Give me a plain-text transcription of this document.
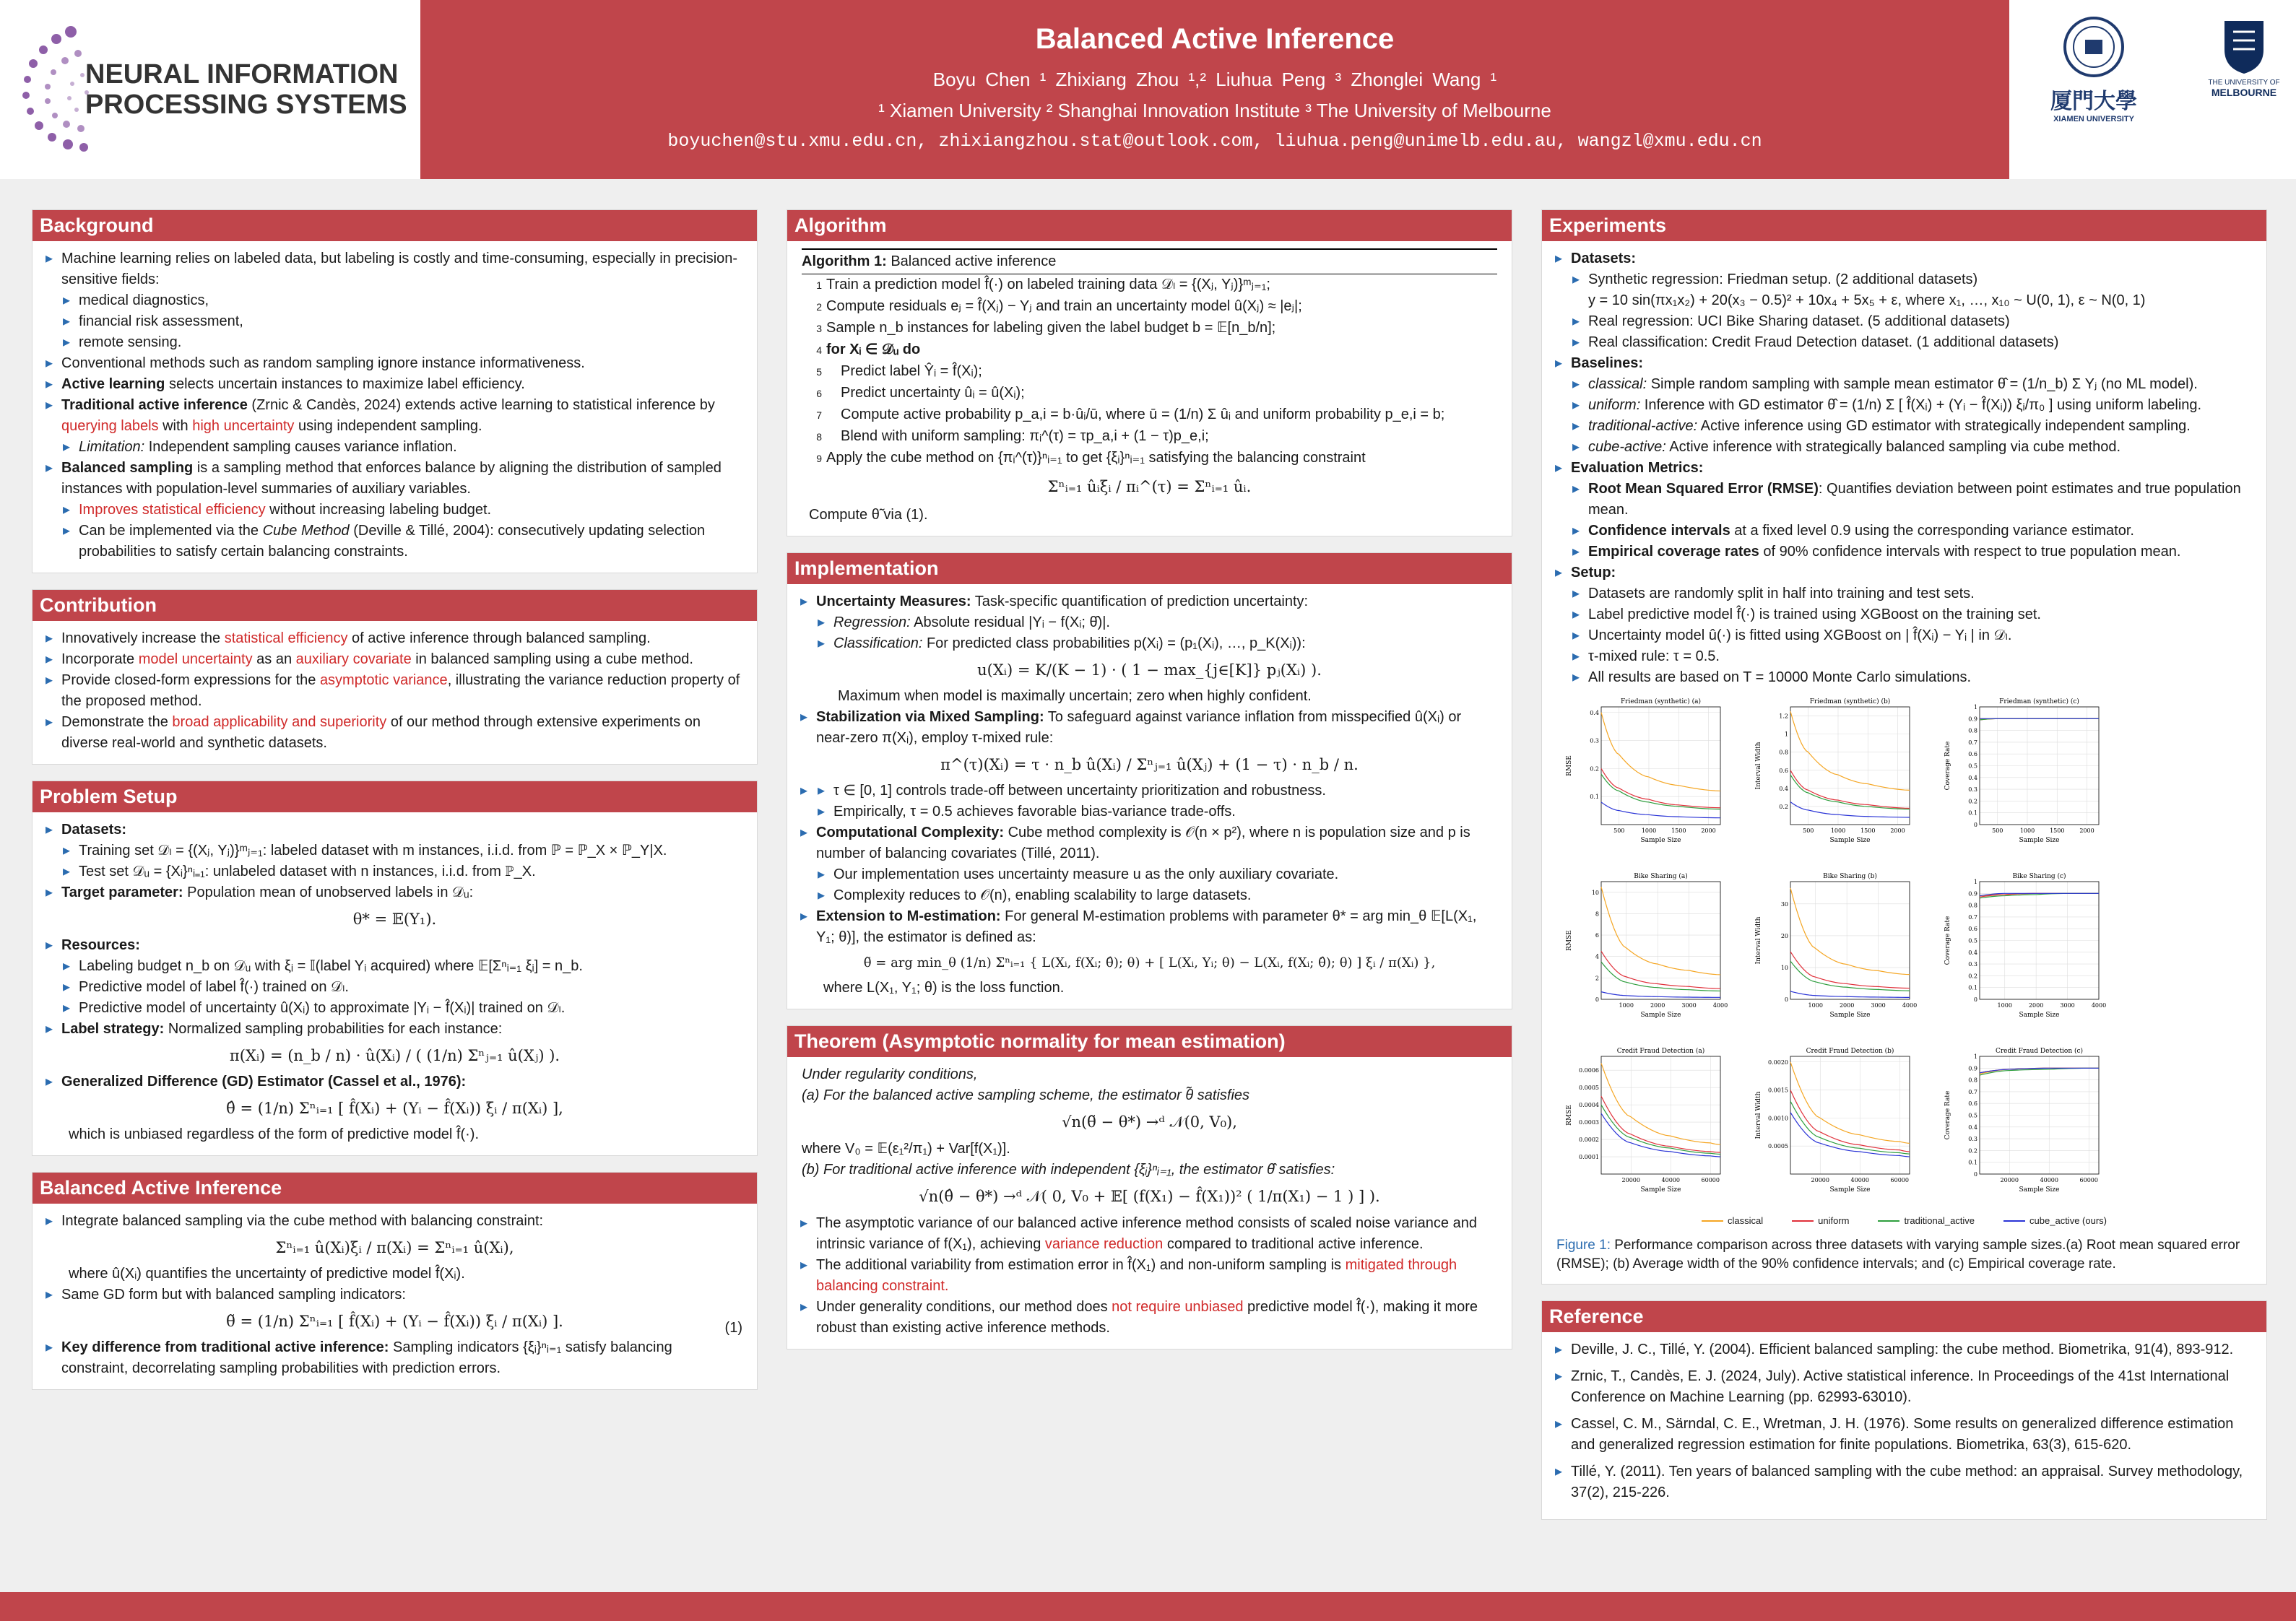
NEURAL INFORMATION
PROCESSING SYSTEMS
Balanced Active Inference
Boyu Chen ¹ Zhixiang Zhou ¹,² Liuhua Peng ³ Zhonglei Wang ¹
¹ Xiamen University ² Shanghai Innovation Institute ³ The University of Melbourne
boyuchen@stu.xmu.edu.cn, zhixiangzhou.stat@outlook.com, liuhua.peng@unimelb.edu.au, wangzl@xmu.edu.cn
厦門大學
XIAMEN UNIVERSITY
THE UNIVERSITY OF
MELBOURNE
Background
▸ Machine learning relies on labeled data, but labeling is costly and time-consuming, especially in precision-sensitive fields:
▸ medical diagnostics,
▸ financial risk assessment,
▸ remote sensing.
▸ Conventional methods such as random sampling ignore instance informativeness.
▸ Active learning selects uncertain instances to maximize label efficiency.
▸ Traditional active inference (Zrnic & Candès, 2024) extends active learning to statistical inference by querying labels with high uncertainty using independent sampling.
▸ Limitation: Independent sampling causes variance inflation.
▸ Balanced sampling is a sampling method that enforces balance by aligning the distribution of sampled instances with population-level summaries of auxiliary variables.
▸ Improves statistical efficiency without increasing labeling budget.
▸ Can be implemented via the Cube Method (Deville & Tillé, 2004): consecutively updating selection probabilities to satisfy certain balancing constraints.
Contribution
▸ Innovatively increase the statistical efficiency of active inference through balanced sampling.
▸ Incorporate model uncertainty as an auxiliary covariate in balanced sampling using a cube method.
▸ Provide closed-form expressions for the asymptotic variance, illustrating the variance reduction property of the proposed method.
▸ Demonstrate the broad applicability and superiority of our method through extensive experiments on diverse real-world and synthetic datasets.
Problem Setup
▸ Datasets:
▸ Training set 𝒟ₗ = {(Xⱼ, Yⱼ)}ᵐⱼ₌₁: labeled dataset with m instances, i.i.d. from ℙ = ℙ_X × ℙ_Y|X.
▸ Test set 𝒟ᵤ = {Xᵢ}ⁿᵢ₌₁: unlabeled dataset with n instances, i.i.d. from ℙ_X.
▸ Target parameter: Population mean of unobserved labels in 𝒟ᵤ:
θ* = 𝔼(Y₁).
▸ Resources:
▸ Labeling budget n_b on 𝒟ᵤ with ξᵢ = 𝕀(label Yᵢ acquired) where 𝔼[Σⁿᵢ₌₁ ξᵢ] = n_b.
▸ Predictive model of label f̂(·) trained on 𝒟ₗ.
▸ Predictive model of uncertainty û(Xᵢ) to approximate |Yᵢ − f̂(Xᵢ)| trained on 𝒟ₗ.
▸ Label strategy: Normalized sampling probabilities for each instance:
π(Xᵢ) = (n_b / n) · û(Xᵢ) / ( (1/n) Σⁿⱼ₌₁ û(Xⱼ) ).
▸ Generalized Difference (GD) Estimator (Cassel et al., 1976):
θ̂ = (1/n) Σⁿᵢ₌₁ [ f̂(Xᵢ) + (Yᵢ − f̂(Xᵢ)) ξᵢ / π(Xᵢ) ],
which is unbiased regardless of the form of predictive model f̂(·).
Balanced Active Inference
▸ Integrate balanced sampling via the cube method with balancing constraint:
Σⁿᵢ₌₁ û(Xᵢ)ξᵢ / π(Xᵢ) = Σⁿᵢ₌₁ û(Xᵢ),
where û(Xᵢ) quantifies the uncertainty of predictive model f̂(Xᵢ).
▸ Same GD form but with balanced sampling indicators:
θ̃ = (1/n) Σⁿᵢ₌₁ [ f̂(Xᵢ) + (Yᵢ − f̂(Xᵢ)) ξᵢ / π(Xᵢ) ].	(1)
▸ Key difference from traditional active inference: Sampling indicators {ξᵢ}ⁿᵢ₌₁ satisfy balancing constraint, decorrelating sampling probabilities with prediction errors.
Algorithm
Algorithm 1: Balanced active inference
1 Train a prediction model f̂(·) on labeled training data 𝒟ₗ = {(Xⱼ, Yⱼ)}ᵐⱼ₌₁;
2 Compute residuals eⱼ = f̂(Xⱼ) − Yⱼ and train an uncertainty model û(Xⱼ) ≈ |eⱼ|;
3 Sample n_b instances for labeling given the label budget b = 𝔼[n_b/n];
4 for Xᵢ ∈ 𝒟ᵤ do
5 Predict label Ŷᵢ = f̂(Xᵢ);
6 Predict uncertainty ûᵢ = û(Xᵢ);
7 Compute active probability p_a,i = b·ûᵢ/ū, where ū = (1/n) Σ ûᵢ and uniform probability p_e,i = b;
8 Blend with uniform sampling: πᵢ^(τ) = τp_a,i + (1 − τ)p_e,i;
9 Apply the cube method on {πᵢ^(τ)}ⁿᵢ₌₁ to get {ξᵢ}ⁿᵢ₌₁ satisfying the balancing constraint
Σⁿᵢ₌₁ ûᵢξᵢ / πᵢ^(τ) = Σⁿᵢ₌₁ ûᵢ.
Compute θ̃ via (1).
Implementation
▸ Uncertainty Measures: Task-specific quantification of prediction uncertainty:
▸ Regression: Absolute residual |Yᵢ − f(Xᵢ; θ̂)|.
▸ Classification: For predicted class probabilities p(Xᵢ) = (p₁(Xᵢ), …, p_K(Xᵢ)):
u(Xᵢ) = K/(K − 1) · ( 1 − max_{j∈[K]} pⱼ(Xᵢ) ).
Maximum when model is maximally uncertain; zero when highly confident.
▸ Stabilization via Mixed Sampling: To safeguard against variance inflation from misspecified û(Xᵢ) or near-zero π(Xᵢ), employ τ-mixed rule:
π^(τ)(Xᵢ) = τ · n_b û(Xᵢ) / Σⁿⱼ₌₁ û(Xⱼ) + (1 − τ) · n_b / n.
▸ ▸ τ ∈ [0, 1] controls trade-off between uncertainty prioritization and robustness.
▸ Empirically, τ = 0.5 achieves favorable bias-variance trade-offs.
▸ Computational Complexity: Cube method complexity is 𝒪(n × p²), where n is population size and p is number of balancing covariates (Tillé, 2011).
▸ Our implementation uses uncertainty measure u as the only auxiliary covariate.
▸ Complexity reduces to 𝒪(n), enabling scalability to large datasets.
▸ Extension to M-estimation: For general M-estimation problems with parameter θ* = arg min_θ 𝔼[L(X₁, Y₁; θ)], the estimator is defined as:
θ̃ = arg min_θ (1/n) Σⁿᵢ₌₁ { L(Xᵢ, f(Xᵢ; θ̂); θ) + [ L(Xᵢ, Yᵢ; θ) − L(Xᵢ, f(Xᵢ; θ̂); θ) ] ξᵢ / π(Xᵢ) },
where L(X₁, Y₁; θ) is the loss function.
Theorem (Asymptotic normality for mean estimation)
Under regularity conditions,
(a) For the balanced active sampling scheme, the estimator θ̃ satisfies
√n(θ̃ − θ*) →ᵈ 𝒩(0, V₀),
where V₀ = 𝔼(ε₁²/π₁) + Var[f(X₁)].
(b) For traditional active inference with independent {ξᵢ}ⁿᵢ₌₁, the estimator θ̂ satisfies:
√n(θ̂ − θ*) →ᵈ 𝒩( 0, V₀ + 𝔼[ (f(X₁) − f̂(X₁))² ( 1/π(X₁) − 1 ) ] ).
▸ The asymptotic variance of our balanced active inference method consists of scaled noise variance and intrinsic variance of f(X₁), achieving variance reduction compared to traditional active inference.
▸ The additional variability from estimation error in f̂(X₁) and non-uniform sampling is mitigated through balancing constraint.
▸ Under generality conditions, our method does not require unbiased predictive model f̂(·), making it more robust than existing active inference methods.
Experiments
▸ Datasets:
▸ Synthetic regression: Friedman setup. (2 additional datasets)
y = 10 sin(πx₁x₂) + 20(x₃ − 0.5)² + 10x₄ + 5x₅ + ε, where x₁, …, x₁₀ ~ U(0, 1), ε ~ N(0, 1)
▸ Real regression: UCI Bike Sharing dataset. (5 additional datasets)
▸ Real classification: Credit Fraud Detection dataset. (1 additional datasets)
▸ Baselines:
▸ classical: Simple random sampling with sample mean estimator θ̂ = (1/n_b) Σ Yⱼ (no ML model).
▸ uniform: Inference with GD estimator θ̂ = (1/n) Σ [ f̂(Xᵢ) + (Yᵢ − f̂(Xᵢ)) ξᵢ/π₀ ] using uniform labeling.
▸ traditional-active: Active inference using GD estimator with strategically independent sampling.
▸ cube-active: Active inference with strategically balanced sampling via cube method.
▸ Evaluation Metrics:
▸ Root Mean Squared Error (RMSE): Quantifies deviation between point estimates and true population mean.
▸ Confidence intervals at a fixed level 0.9 using the corresponding variance estimator.
▸ Empirical coverage rates of 90% confidence intervals with respect to true population mean.
▸ Setup:
▸ Datasets are randomly split in half into training and test sets.
▸ Label predictive model f̂(·) is trained using XGBoost on the training set.
▸ Uncertainty model û(·) is fitted using XGBoost on | f̂(Xᵢ) − Yᵢ | in 𝒟ₗ.
▸ τ-mixed rule: τ = 0.5.
▸ All results are based on T = 10000 Monte Carlo simulations.
Friedman (synthetic) (a)
0.1
0.2
0.3
0.4
500	1000	1500	2000
Sample Size
RMSE
Friedman (synthetic) (b)
0.2
0.4
0.6
0.8
1
1.2
500	1000	1500	2000
Sample Size
Interval Width
Friedman (synthetic) (c)
0
0.1
0.2
0.3
0.4
0.5
0.6
0.7
0.8
0.9
1
500	1000	1500	2000
Sample Size
Coverage Rate
Bike Sharing (a)
0
2
4
6
8
10
1000	2000	3000	4000
Sample Size
RMSE
Bike Sharing (b)
0
10
20
30
1000	2000	3000	4000
Sample Size
Interval Width
Bike Sharing (c)
0
0.1
0.2
0.3
0.4
0.5
0.6
0.7
0.8
0.9
1
1000	2000	3000	4000
Sample Size
Coverage Rate
Credit Fraud Detection (a)
0.0001
0.0002
0.0003
0.0004
0.0005
0.0006
20000	40000	60000
Sample Size
RMSE
Credit Fraud Detection (b)
0.0005
0.0010
0.0015
0.0020
20000	40000	60000
Sample Size
Interval Width
Credit Fraud Detection (c)
0
0.1
0.2
0.3
0.4
0.5
0.6
0.7
0.8
0.9
1
20000	40000	60000
Sample Size
Coverage Rate
classical	uniform	traditional_active	cube_active (ours)
Figure 1: Performance comparison across three datasets with varying sample sizes.(a) Root mean squared error (RMSE); (b) Average width of the 90% confidence intervals; and (c) Empirical coverage rate.
Reference
▸ Deville, J. C., Tillé, Y. (2004). Efficient balanced sampling: the cube method. Biometrika, 91(4), 893-912.
▸ Zrnic, T., Candès, E. J. (2024, July). Active statistical inference. In Proceedings of the 41st International Conference on Machine Learning (pp. 62993-63010).
▸ Cassel, C. M., Särndal, C. E., Wretman, J. H. (1976). Some results on generalized difference estimation and generalized regression estimation for finite populations. Biometrika, 63(3), 615-620.
▸ Tillé, Y. (2011). Ten years of balanced sampling with the cube method: an appraisal. Survey methodology, 37(2), 215-226.
